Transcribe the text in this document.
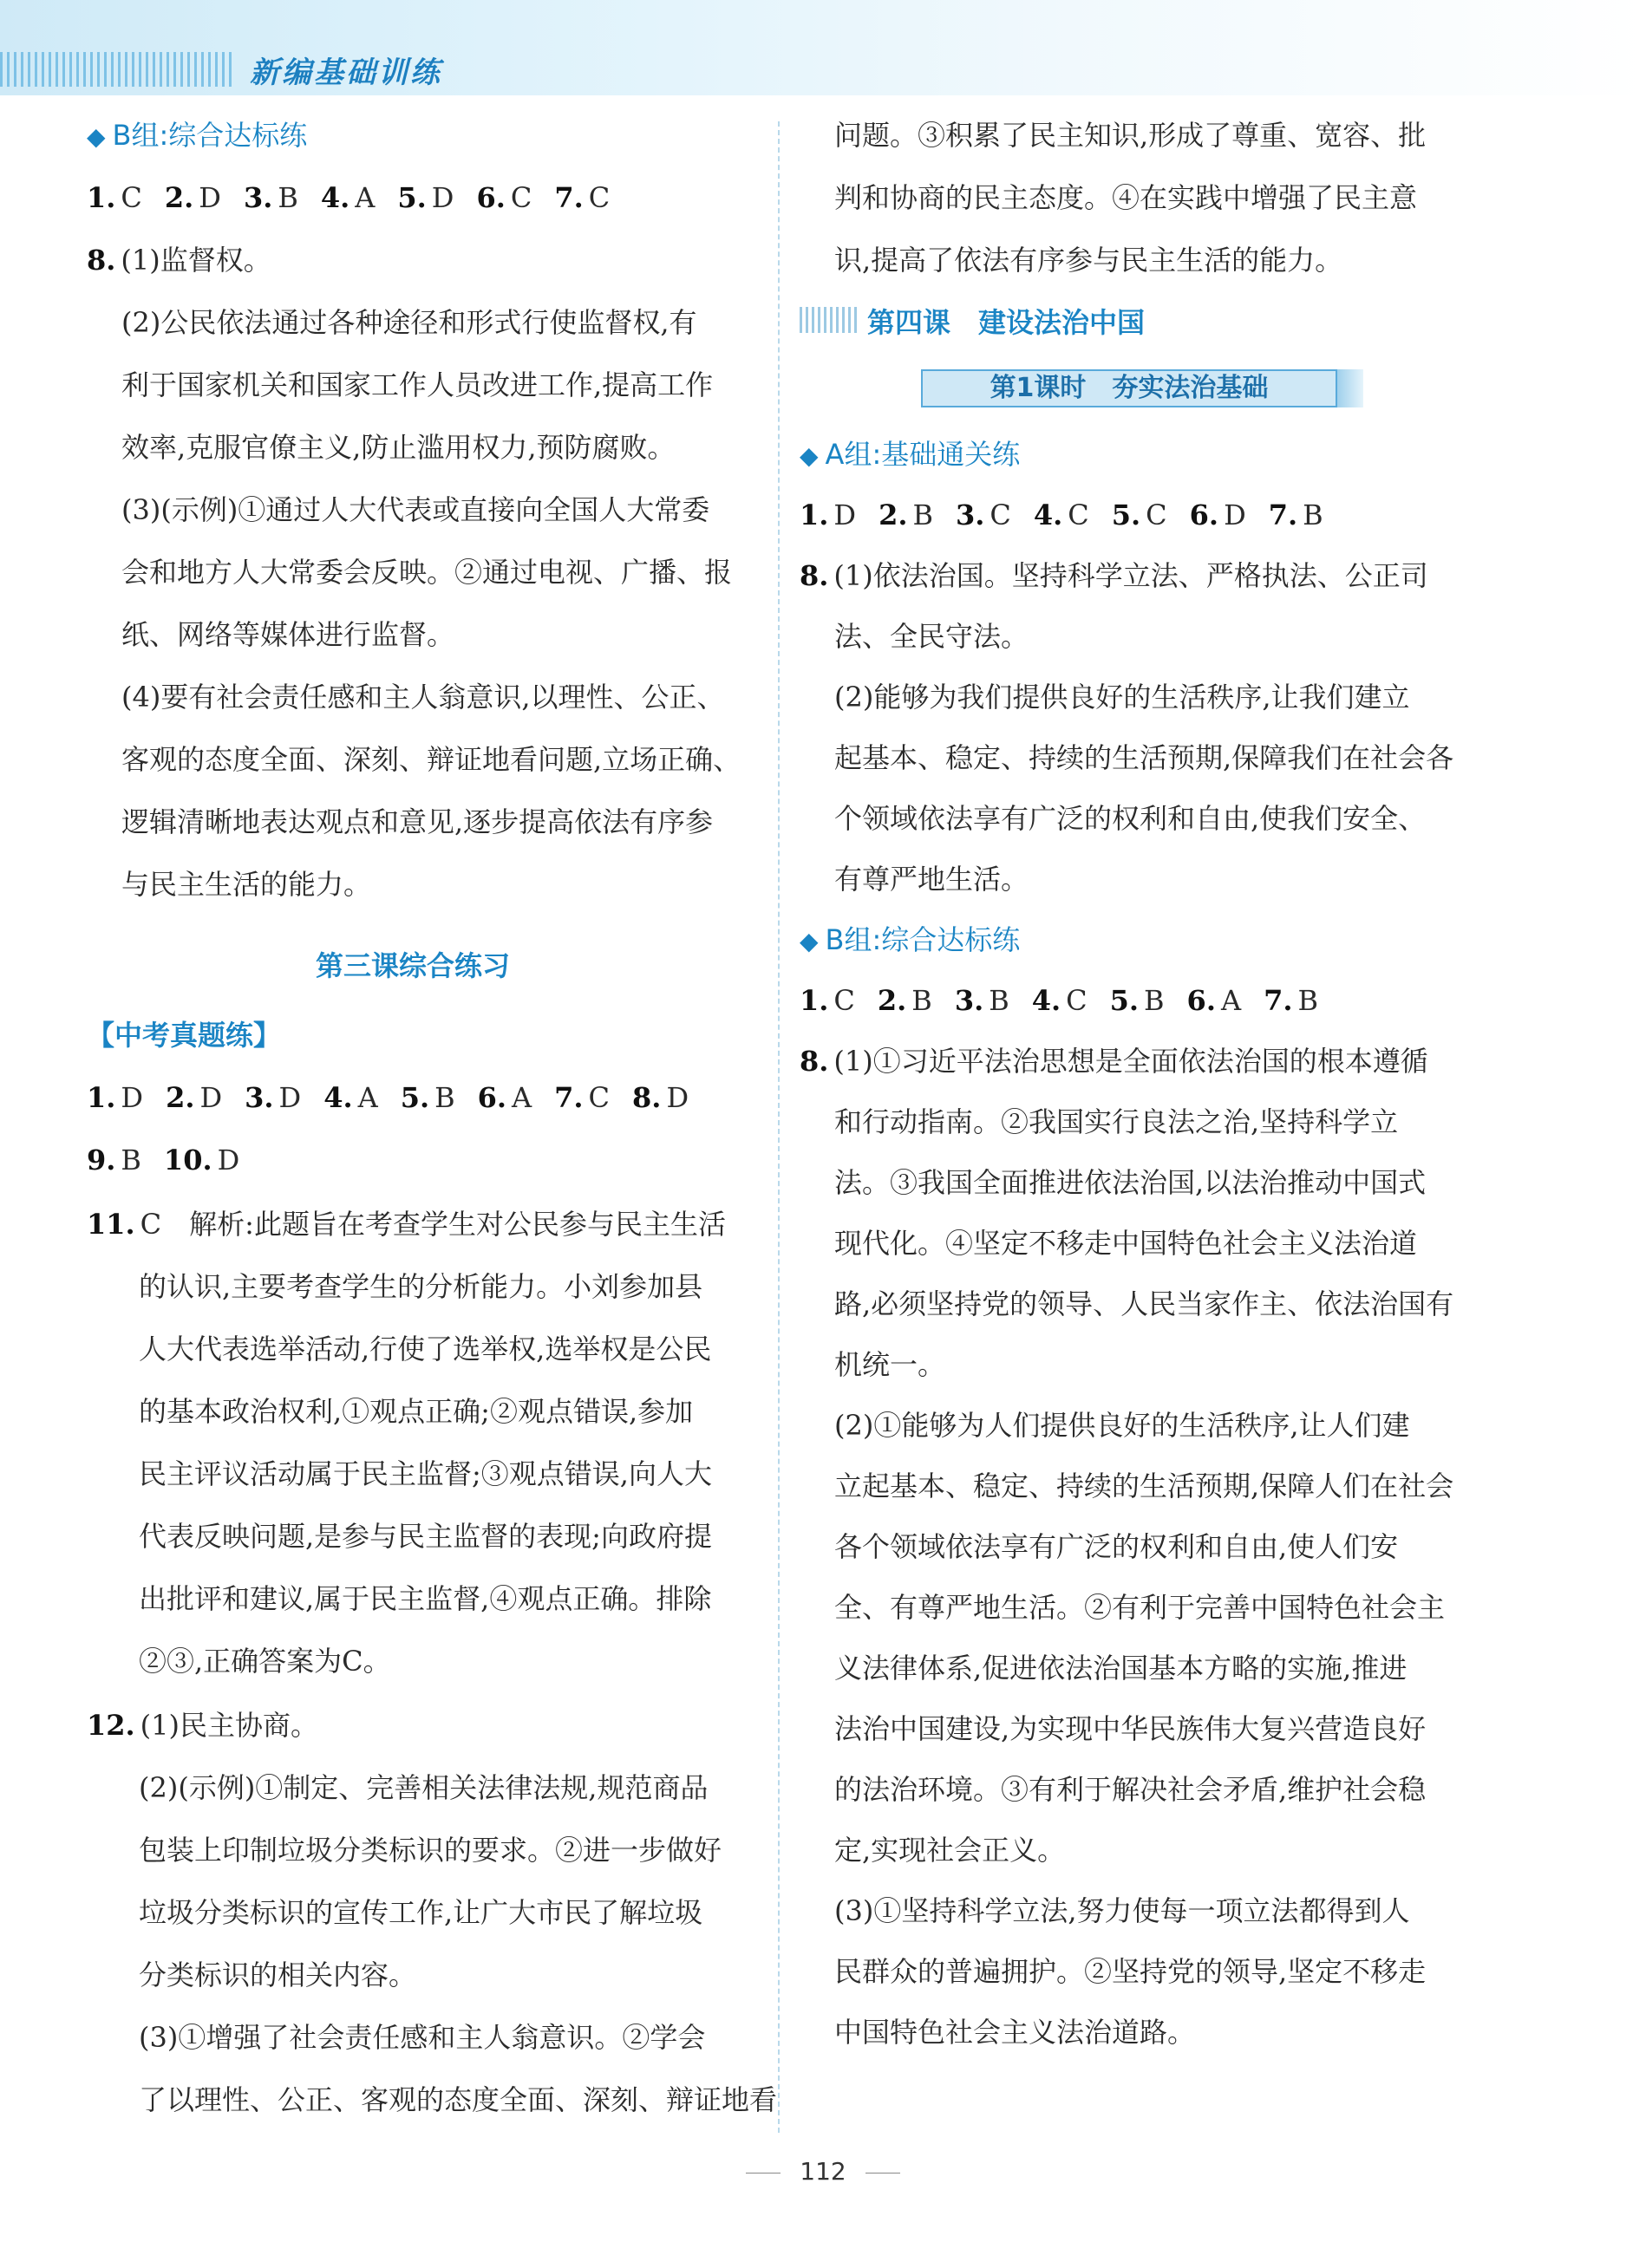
新编基础训练
◆ B组:综合达标练
1. C 2. D 3. B 4. A 5. D 6. C 7. C
8. (1)监督权。
(2)公民依法通过各种途径和形式行使监督权,有
利于国家机关和国家工作人员改进工作,提高工作
效率,克服官僚主义,防止滥用权力,预防腐败。
(3)(示例)①通过人大代表或直接向全国人大常委
会和地方人大常委会反映。②通过电视、广播、报
纸、网络等媒体进行监督。
(4)要有社会责任感和主人翁意识,以理性、公正、
客观的态度全面、深刻、辩证地看问题,立场正确、
逻辑清晰地表达观点和意见,逐步提高依法有序参
与民主生活的能力。
第三课综合练习
【中考真题练】
1. D 2. D 3. D 4. A 5. B 6. A 7. C 8. D
9. B 10. D
11. C　解析:此题旨在考查学生对公民参与民主生活
的认识,主要考查学生的分析能力。小刘参加县
人大代表选举活动,行使了选举权,选举权是公民
的基本政治权利,①观点正确;②观点错误,参加
民主评议活动属于民主监督;③观点错误,向人大
代表反映问题,是参与民主监督的表现;向政府提
出批评和建议,属于民主监督,④观点正确。排除
②③,正确答案为C。
12. (1)民主协商。
(2)(示例)①制定、完善相关法律法规,规范商品
包装上印制垃圾分类标识的要求。②进一步做好
垃圾分类标识的宣传工作,让广大市民了解垃圾
分类标识的相关内容。
(3)①增强了社会责任感和主人翁意识。②学会
了以理性、公正、客观的态度全面、深刻、辩证地看
问题。③积累了民主知识,形成了尊重、宽容、批
判和协商的民主态度。④在实践中增强了民主意
识,提高了依法有序参与民主生活的能力。
第四课　建设法治中国
第1课时　夯实法治基础
◆ A组:基础通关练
1. D 2. B 3. C 4. C 5. C 6. D 7. B
8. (1)依法治国。坚持科学立法、严格执法、公正司
法、全民守法。
(2)能够为我们提供良好的生活秩序,让我们建立
起基本、稳定、持续的生活预期,保障我们在社会各
个领域依法享有广泛的权利和自由,使我们安全、
有尊严地生活。
◆ B组:综合达标练
1. C 2. B 3. B 4. C 5. B 6. A 7. B
8. (1)①习近平法治思想是全面依法治国的根本遵循
和行动指南。②我国实行良法之治,坚持科学立
法。③我国全面推进依法治国,以法治推动中国式
现代化。④坚定不移走中国特色社会主义法治道
路,必须坚持党的领导、人民当家作主、依法治国有
机统一。
(2)①能够为人们提供良好的生活秩序,让人们建
立起基本、稳定、持续的生活预期,保障人们在社会
各个领域依法享有广泛的权利和自由,使人们安
全、有尊严地生活。②有利于完善中国特色社会主
义法律体系,促进依法治国基本方略的实施,推进
法治中国建设,为实现中华民族伟大复兴营造良好
的法治环境。③有利于解决社会矛盾,维护社会稳
定,实现社会正义。
(3)①坚持科学立法,努力使每一项立法都得到人
民群众的普遍拥护。②坚持党的领导,坚定不移走
中国特色社会主义法治道路。
112
